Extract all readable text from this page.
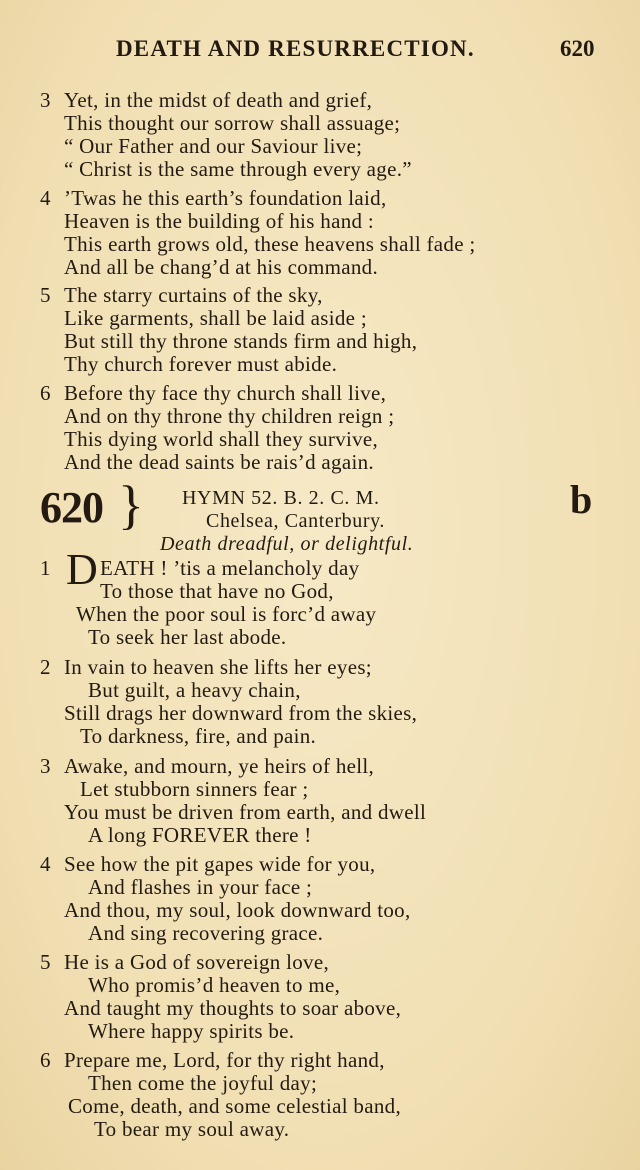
DEATH AND RESURRECTION.	620
3 Yet, in the midst of death and grief,
This thought our sorrow shall assuage;
“ Our Father and our Saviour live;
“ Christ is the same through every age.”
4 ’Twas he this earth’s foundation laid,
Heaven is the building of his hand :
This earth grows old, these heavens shall fade ;
And all be chang’d at his command.
5 The starry curtains of the sky,
Like garments, shall be laid aside ;
But still thy throne stands firm and high,
Thy church forever must abide.
6 Before thy face thy church shall live,
And on thy throne thy children reign ;
This dying world shall they survive,
And the dead saints be rais’d again.
620 } HYMN 52. B. 2. C. M.
Chelsea, Canterbury.
Death dreadful, or delightful.
b
1 D EATH ! ’tis a melancholy day
To those that have no God,
When the poor soul is forc’d away
To seek her last abode.
2 In vain to heaven she lifts her eyes;
But guilt, a heavy chain,
Still drags her downward from the skies,
To darkness, fire, and pain.
3 Awake, and mourn, ye heirs of hell,
Let stubborn sinners fear ;
You must be driven from earth, and dwell
A long FOREVER there !
4 See how the pit gapes wide for you,
And flashes in your face ;
And thou, my soul, look downward too,
And sing recovering grace.
5 He is a God of sovereign love,
Who promis’d heaven to me,
And taught my thoughts to soar above,
Where happy spirits be.
6 Prepare me, Lord, for thy right hand,
Then come the joyful day;
Come, death, and some celestial band,
To bear my soul away.
